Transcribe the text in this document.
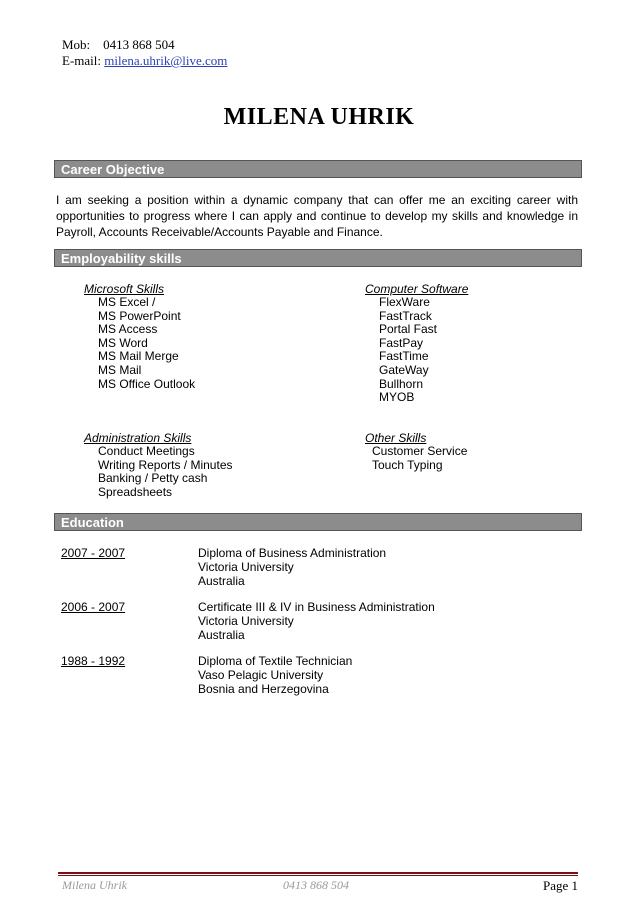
Mob: 0413 868 504
E-mail: milena.uhrik@live.com
MILENA UHRIK
Career Objective
I am seeking a position within a dynamic company that can offer me an exciting career with opportunities to progress where I can apply and continue to develop my skills and knowledge in Payroll, Accounts Receivable/Accounts Payable and Finance.
Employability skills
Microsoft Skills
MS Excel /
MS PowerPoint
MS Access
MS Word
MS Mail Merge
MS Mail
MS Office Outlook
Computer Software
FlexWare
FastTrack
Portal Fast
FastPay
FastTime
GateWay
Bullhorn
MYOB
Administration Skills
Conduct Meetings
Writing Reports / Minutes
Banking / Petty cash
Spreadsheets
Other Skills
Customer Service
Touch Typing
Education
2007 - 2007	Diploma of Business Administration
Victoria University
Australia
2006 - 2007	Certificate III & IV in Business Administration
Victoria University
Australia
1988 - 1992	Diploma of Textile Technician
Vaso Pelagic University
Bosnia and Herzegovina
Milena Uhrik	0413 868 504	Page 1
